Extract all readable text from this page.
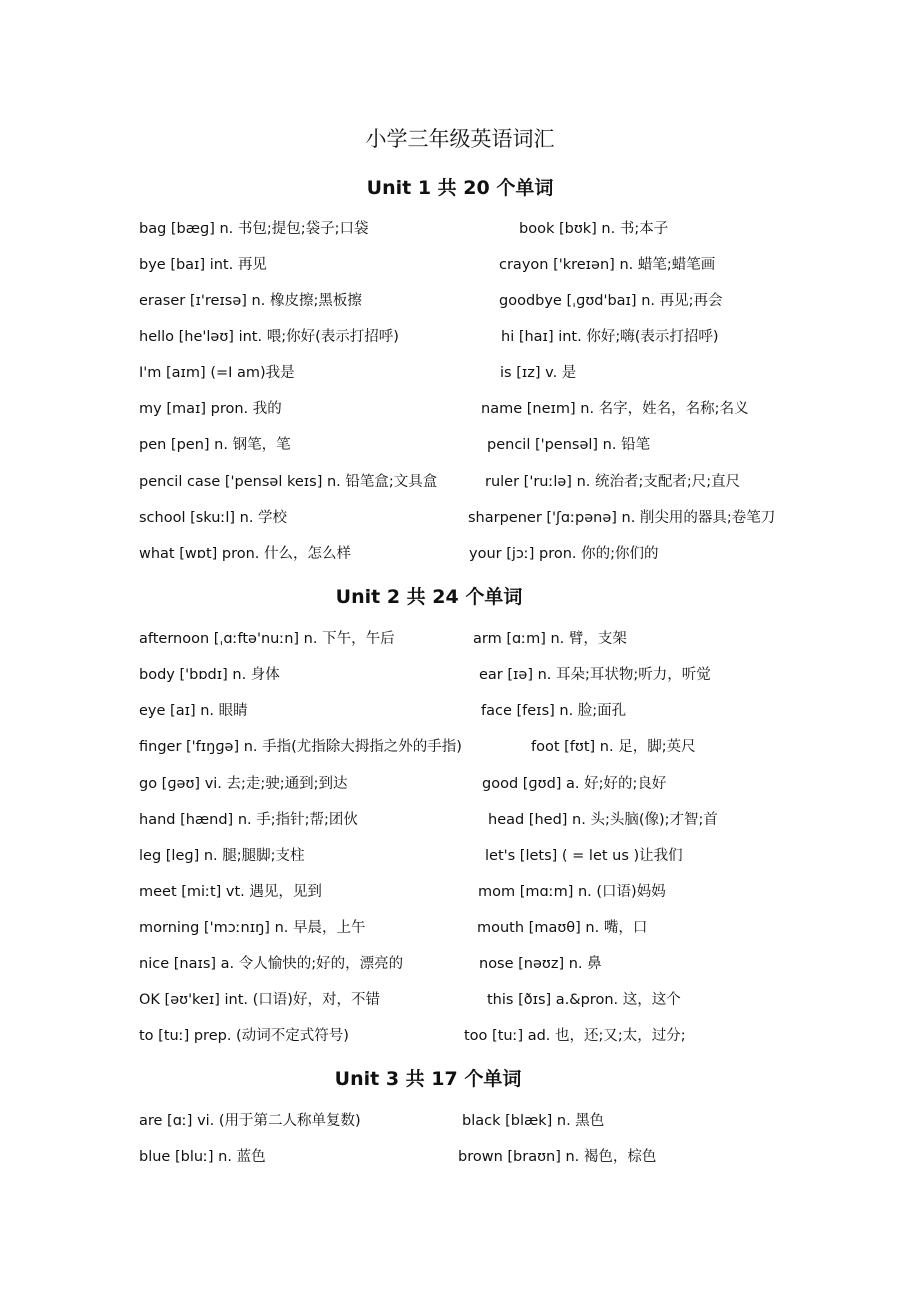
小学三年级英语词汇
Unit 1 共 20 个单词
bag [bæɡ] n. 书包;提包;袋子;口袋	book [bʊk] n. 书;本子
bye [baɪ] int. 再见	crayon ['kreɪən] n. 蜡笔;蜡笔画
eraser [ɪ'reɪsə] n. 橡皮擦;黑板擦	goodbye [ˌɡʊd'baɪ] n. 再见;再会
hello [he'ləʊ] int. 喂;你好(表示打招呼)	hi [haɪ] int. 你好;嗨(表示打招呼)
I'm [aɪm] (=I am)我是	is [ɪz] v. 是
my [maɪ] pron. 我的	name [neɪm] n. 名字，姓名，名称;名义
pen [pen] n. 钢笔，笔	pencil ['pensəl] n. 铅笔
pencil case ['pensəl keɪs] n. 铅笔盒;文具盒	ruler ['ruːlə] n. 统治者;支配者;尺;直尺
school [skuːl] n. 学校	sharpener ['ʃɑːpənə] n. 削尖用的器具;卷笔刀
what [wɒt] pron. 什么，怎么样	your [jɔː] pron. 你的;你们的
Unit 2 共 24 个单词
afternoon [ˌɑːftə'nuːn] n. 下午，午后	arm [ɑːm] n. 臂，支架
body ['bɒdɪ] n. 身体	ear [ɪə] n. 耳朵;耳状物;听力，听觉
eye [aɪ] n. 眼睛	face [feɪs] n. 脸;面孔
finger ['fɪŋɡə] n. 手指(尤指除大拇指之外的手指)	foot [fʊt] n. 足，脚;英尺
go [ɡəʊ] vi. 去;走;驶;通到;到达	good [ɡʊd] a. 好;好的;良好
hand [hænd] n. 手;指针;帮;团伙	head [hed] n. 头;头脑(像);才智;首
leg [leɡ] n. 腿;腿脚;支柱	let's [lets] ( = let us )让我们
meet [miːt] vt. 遇见，见到	mom [mɑːm] n. (口语)妈妈
morning ['mɔːnɪŋ] n. 早晨，上午	mouth [maʊθ] n. 嘴，口
nice [naɪs] a. 令人愉快的;好的，漂亮的	nose [nəʊz] n. 鼻
OK [əʊ'keɪ] int. (口语)好，对，不错	this [ðɪs] a.&pron. 这，这个
to [tuː] prep. (动词不定式符号)	too [tuː] ad. 也，还;又;太，过分;
Unit 3 共 17 个单词
are [ɑː] vi. (用于第二人称单复数)	black [blæk] n. 黑色
blue [bluː] n. 蓝色	brown [braʊn] n. 褐色，棕色
